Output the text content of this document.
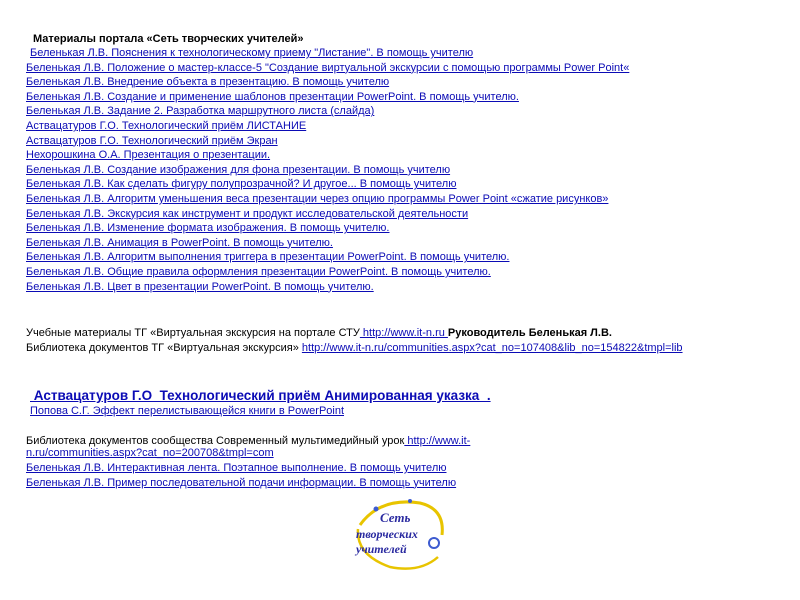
Материалы портала «Сеть творческих учителей»
Беленькая Л.В. Пояснения к технологическому приему "Листание". В помощь учителю
Беленькая Л.В. Положение о мастер-классе-5 "Создание виртуальной экскурсии с помощью программы Power Point«
Беленькая Л.В. Внедрение объекта в презентацию. В помощь учителю
Беленькая Л.В. Создание и применение шаблонов презентации PowerPoint. В помощь учителю.
Беленькая Л.В. Задание 2. Разработка маршрутного листа (слайда)
Аствацатуров Г.О. Технологический приём ЛИСТАНИЕ
Аствацатуров Г.О. Технологический приём Экран
Нехорошкина О.А. Презентация о презентации.
Беленькая Л.В. Создание изображения для фона презентации. В помощь учителю
Беленькая Л.В. Как сделать фигуру полупрозрачной? И другое... В помощь учителю
Беленькая Л.В. Алгоритм уменьшения веса презентации через опцию программы Power Point «сжатие рисунков»
Беленькая Л.В. Экскурсия как инструмент и продукт исследовательской деятельности
Беленькая Л.В. Изменение формата изображения. В помощь учителю.
Беленькая Л.В. Анимация в PowerPoint. В помощь учителю.
Беленькая Л.В. Алгоритм выполнения триггера в презентации PowerPoint. В помощь учителю.
Беленькая Л.В. Общие правила оформления презентации PowerPoint. В помощь учителю.
Беленькая Л.В. Цвет в презентации PowerPoint. В помощь учителю.
Учебные материалы ТГ «Виртуальная экскурсия на портале СТУ http://www.it-n.ru Руководитель Беленькая Л.В.
Библиотека документов ТГ «Виртуальная экскурсия» http://www.it-n.ru/communities.aspx?cat_no=107408&lib_no=154822&tmpl=lib
Аствацатуров Г.О  Технологический приём Анимированная указка  .
Попова С.Г. Эффект перелистывающейся книги в PowerPoint
Библиотека документов сообщества Современный мультимедийный урок http://www.it-
n.ru/communities.aspx?cat_no=200708&tmpl=com
Беленькая Л.В. Интерактивная лента. Поэтапное выполнение. В помощь учителю
Беленькая Л.В. Пример последовательной подачи информации. В помощь учителю
Сеть
творческих
учителей
